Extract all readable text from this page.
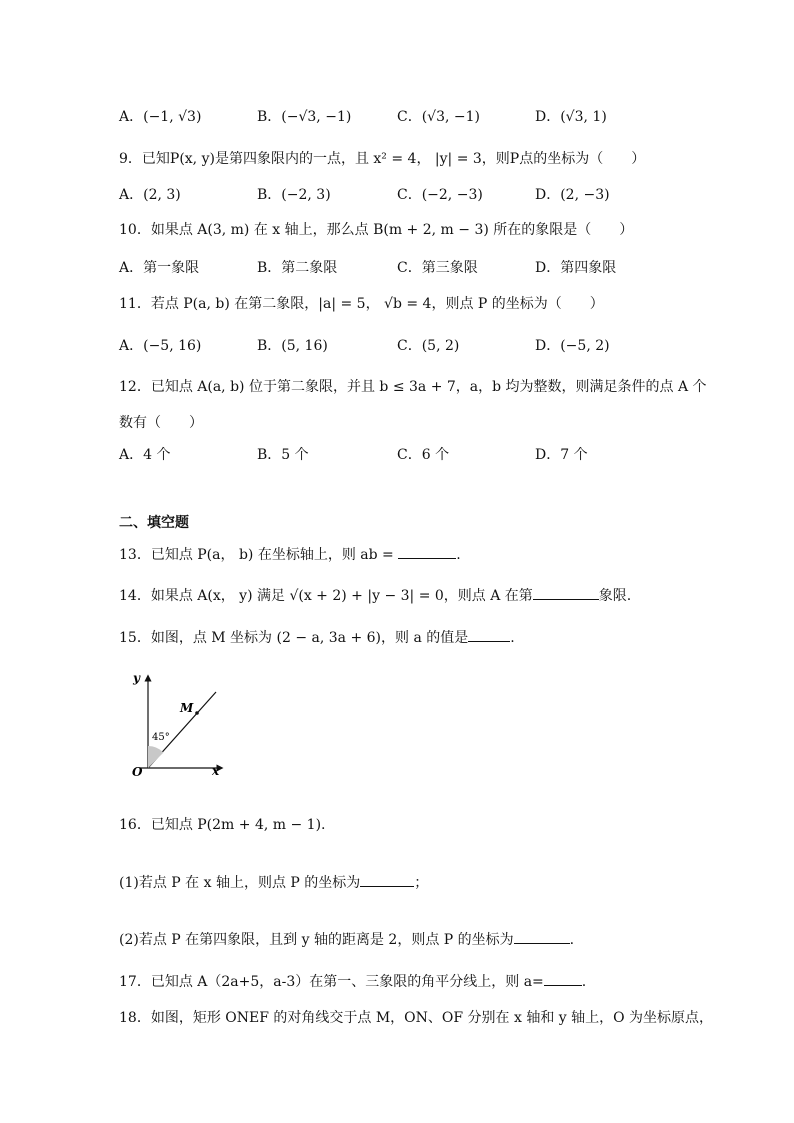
A．(−1, √3)	B．(−√3, −1)	C．(√3, −1)	D．(√3, 1)
9．已知P(x, y)是第四象限内的一点，且 x² = 4， |y| = 3，则P点的坐标为（　　）
A．(2, 3)	B．(−2, 3)	C．(−2, −3)	D．(2, −3)
10．如果点 A(3, m) 在 x 轴上，那么点 B(m + 2, m − 3) 所在的象限是（　　）
A．第一象限	B．第二象限	C．第三象限	D．第四象限
11．若点 P(a, b) 在第二象限，|a| = 5， √b = 4，则点 P 的坐标为（　　）
A．(−5, 16)	B．(5, 16)	C．(5, 2)	D．(−5, 2)
12．已知点 A(a, b) 位于第二象限，并且 b ≤ 3a + 7，a，b 均为整数，则满足条件的点 A 个
数有（　　）
A．4 个	B．5 个	C．6 个	D．7 个
二、填空题
13．已知点 P(a， b) 在坐标轴上，则 ab =	.
14．如果点 A(x， y) 满足 √(x + 2) + |y − 3| = 0，则点 A 在第	象限.
15．如图，点 M 坐标为 (2 − a, 3a + 6)，则 a 的值是	.
y
x
O
M
45°
16．已知点 P(2m + 4, m − 1).
(1)若点 P 在 x 轴上，则点 P 的坐标为	；
(2)若点 P 在第四象限，且到 y 轴的距离是 2，则点 P 的坐标为	.
17．已知点 A（2a+5，a-3）在第一、三象限的角平分线上，则 a=	.
18．如图，矩形 ONEF 的对角线交于点 M，ON、OF 分别在 x 轴和 y 轴上，O 为坐标原点，
